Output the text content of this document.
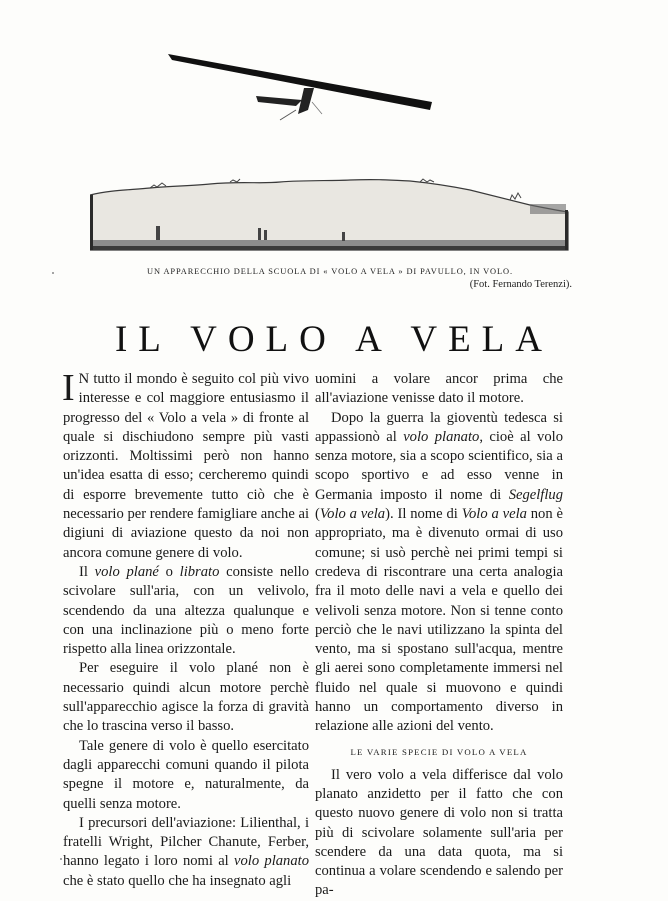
UN APPARECCHIO DELLA SCUOLA DI « VOLO A VELA » DI PAVULLO, IN VOLO.
(Fot. Fernando Terenzi).
IL VOLO A VELA

I N tutto il mondo è seguito col più vivo interesse e col maggiore entusiasmo il progresso del « Volo a vela » di fronte al quale si dischiudono sempre più vasti orizzonti. Moltissimi però non hanno un'idea esatta di esso; cercheremo quindi di esporre brevemente tutto ciò che è necessario per rendere famigliare anche ai digiuni di aviazione questo da noi non ancora comune genere di volo.

Il volo plané o librato consiste nello scivolare sull'aria, con un velivolo, scendendo da una altezza qualunque e con una inclinazione più o meno forte rispetto alla linea orizzontale.

Per eseguire il volo plané non è necessario quindi alcun motore perchè sull'apparecchio agisce la forza di gravità che lo trascina verso il basso.

Tale genere di volo è quello esercitato dagli apparecchi comuni quando il pilota spegne il motore e, naturalmente, da quelli senza motore.

I precursori dell'aviazione: Lilienthal, i fratelli Wright, Pilcher Chanute, Ferber, hanno legato i loro nomi al volo planato che è stato quello che ha insegnato agli

uomini a volare ancor prima che all'aviazione venisse dato il motore.

Dopo la guerra la gioventù tedesca si appassionò al volo planato, cioè al volo senza motore, sia a scopo scientifico, sia a scopo sportivo e ad esso venne in Germania imposto il nome di Segelflug (Volo a vela). Il nome di Volo a vela non è appropriato, ma è divenuto ormai di uso comune; si usò perchè nei primi tempi si credeva di riscontrare una certa analogia fra il moto delle navi a vela e quello dei velivoli senza motore. Non si tenne conto perciò che le navi utilizzano la spinta del vento, ma si spostano sull'acqua, mentre gli aerei sono completamente immersi nel fluido nel quale si muovono e quindi hanno un comportamento diverso in relazione alle azioni del vento.

LE VARIE SPECIE DI VOLO A VELA

Il vero volo a vela differisce dal volo planato anzidetto per il fatto che con questo nuovo genere di volo non si tratta più di scivolare solamente sull'aria per scendere da una data quota, ma si continua a volare scendendo e salendo per pa-
